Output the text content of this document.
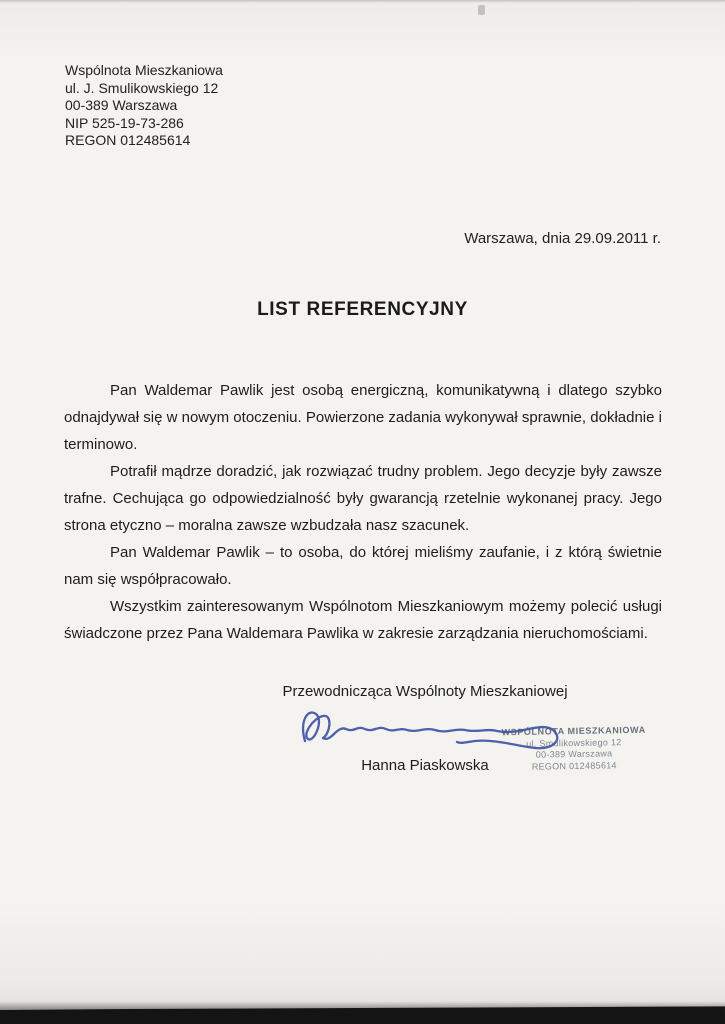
Wspólnota Mieszkaniowa
ul. J. Smulikowskiego 12
00-389 Warszawa
NIP 525-19-73-286
REGON 012485614
Warszawa, dnia 29.09.2011 r.
LIST REFERENCYJNY

Pan Waldemar Pawlik jest osobą energiczną, komunikatywną i dlatego szybko odnajdywał się w nowym otoczeniu. Powierzone zadania wykonywał sprawnie, dokładnie i terminowo.

Potrafił mądrze doradzić, jak rozwiązać trudny problem. Jego decyzje były zawsze trafne. Cechująca go odpowiedzialność były gwarancją rzetelnie wykonanej pracy. Jego strona etyczno – moralna zawsze wzbudzała nasz szacunek.

Pan Waldemar Pawlik – to osoba, do której mieliśmy zaufanie, i z którą świetnie nam się współpracowało.

Wszystkim zainteresowanym Wspólnotom Mieszkaniowym możemy polecić usługi świadczone przez Pana Waldemara Pawlika w zakresie zarządzania nieruchomościami.

Przewodnicząca Wspólnoty Mieszkaniowej
Hanna Piaskowska
WSPÓLNOTA MIESZKANIOWA
ul. Smulikowskiego 12
00-389 Warszawa
REGON 012485614
